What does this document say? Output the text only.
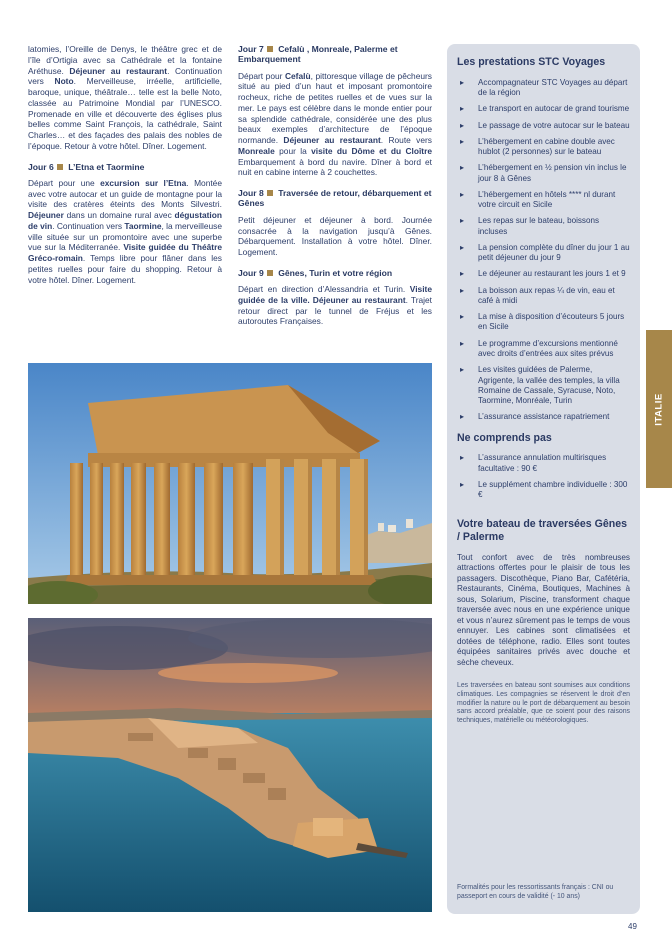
latomies, l’Oreille de Denys, le théâtre grec et de l’île d’Ortigia avec sa Cathédrale et la fontaine Aréthuse. Déjeuner au restaurant. Continuation vers Noto. Merveilleuse, irréelle, artificielle, baroque, unique, théâtrale… telle est la belle Noto, classée au Patrimoine Mondial par l’UNESCO. Promenade en ville et découverte des églises plus belles comme Saint François, la cathédrale, Saint Charles… et des façades des palais des nobles de l’époque. Retour à votre hôtel. Dîner. Logement.

Jour 6 L’Etna et Taormine

Départ pour une excursion sur l’Etna. Montée avec votre autocar et un guide de montagne pour la visite des cratères éteints des Monts Silvestri. Déjeuner dans un domaine rural avec dégustation de vin. Continuation vers Taormine, la merveilleuse ville située sur un promontoire avec une superbe vue sur la Méditerranée. Visite guidée du Théâtre Gréco-romain. Temps libre pour flâner dans les petites ruelles pour faire du shopping. Retour à votre hôtel. Dîner. Logement.

Jour 7 Cefalù , Monreale, Palerme et Embarquement

Départ pour Cefalù, pittoresque village de pêcheurs situé au pied d’un haut et imposant promontoire rocheux, riche de petites ruelles et de vues sur la mer. Le pays est célèbre dans le monde entier pour sa splendide cathédrale, considérée une des plus beaux exemples d’architecture de l’époque normande. Déjeuner au restaurant. Route vers Monreale pour la visite du Dôme et du Cloître Embarquement à bord du navire. Dîner à bord et nuit en cabine interne à 2 couchettes.

Jour 8 Traversée de retour, débarquement et Gênes

Petit déjeuner et déjeuner à bord. Journée consacrée à la navigation jusqu’à Gênes. Débarquement. Installation à votre hôtel. Dîner. Logement.

Jour 9 Gênes, Turin et votre région

Départ en direction d’Alessandria et Turin. Visite guidée de la ville. Déjeuner au restaurant. Trajet retour direct par le tunnel de Fréjus et les autoroutes Françaises.

Les prestations STC Voyages
▸ Accompagnateur STC Voyages au départ de la région
▸ Le transport en autocar de grand tourisme
▸ Le passage de votre autocar sur le bateau
▸ L’hébergement en cabine double avec hublot (2 personnes) sur le bateau
▸ L’hébergement en ½ pension vin inclus le jour 8 à Gênes
▸ L’hébergement en hôtels **** nl durant votre circuit en Sicile
▸ Les repas sur le bateau, boissons incluses
▸ La pension complète du dîner du jour 1 au petit déjeuner du jour 9
▸ Le déjeuner au restaurant les jours 1 et 9
▸ La boisson aux repas ¼ de vin, eau et café à midi
▸ La mise à disposition d’écouteurs 5 jours en Sicile
▸ Le programme d’excursions mentionné avec droits d’entrées aux sites prévus
▸ Les visites guidées de Palerme, Agrigente, la vallée des temples, la villa Romaine de Cassale, Syracuse, Noto, Taormine, Monréale, Turin
▸ L’assurance assistance rapatriement
Ne comprends pas
▸ L’assurance annulation multirisques facultative : 90 €
▸ Le supplément chambre individuelle : 300 €
Votre bateau de traversées Gênes / Palerme

Tout confort avec de très nombreuses attractions offertes pour le plaisir de tous les passagers. Discothèque, Piano Bar, Cafétéria, Restaurants, Cinéma, Boutiques, Machines à sous, Solarium, Piscine, transforment chaque traversée avec nous en une expérience unique et vous n’aurez sûrement pas le temps de vous ennuyer. Les cabines sont climatisées et dotées de téléphone, radio. Elles sont toutes équipées sanitaires privés avec douche et sèche cheveux.

Les traversées en bateau sont soumises aux conditions climatiques. Les compagnies se réservent le droit d’en modifier la nature ou le port de débarquement au besoin sans accord préalable, que ce soient pour des raisons techniques, matérielle ou météorologiques.

Formalités pour les ressortissants français : CNI ou passeport en cours de validité (- 10 ans)

ITALIE
49
